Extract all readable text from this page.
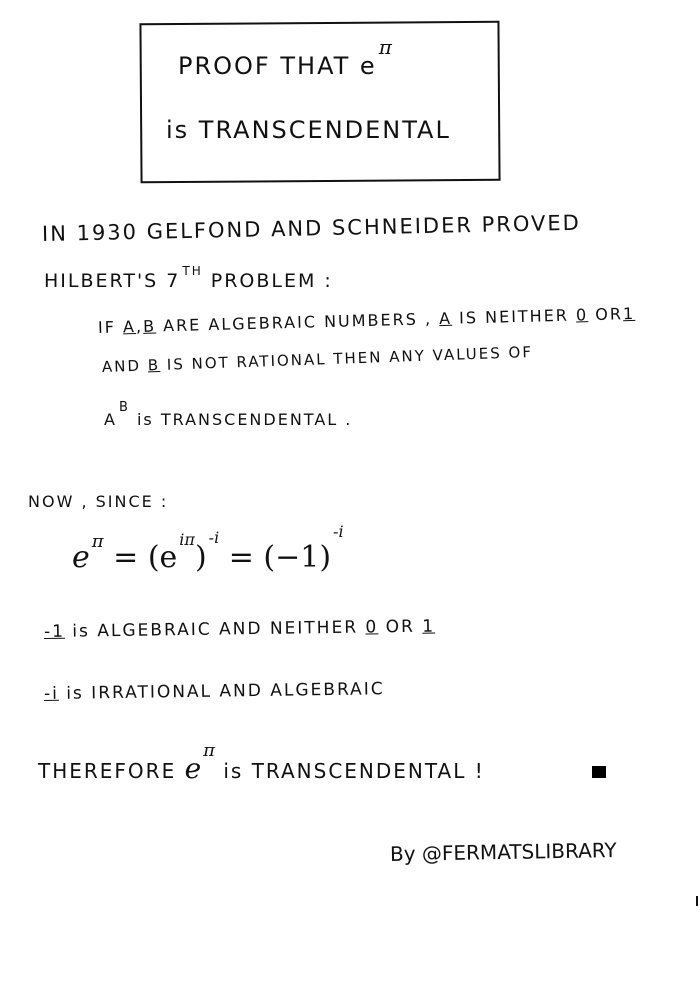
PROOF THAT $e^\pi$
is TRANSCENDENTAL
IN 1930 GELFOND AND SCHNEIDER PROVED
HILBERT'S 7 $^{TH}$ PROBLEM :
IF A,B ARE ALGEBRAIC NUMBERS , A IS NEITHER 0 OR1
AND B IS NOT RATIONAL THEN ANY VALUES OF
$A^B$ is TRANSCENDENTAL .
NOW , SINCE :
e $^\pi = (e^{i\pi})^{-i} = (-1)^{-i}$
-1 is ALGEBRAIC AND NEITHER 0 OR 1
-i is IRRATIONAL AND ALGEBRAIC
THEREFORE eπ is TRANSCENDENTAL !
By @FERMATSLIBRARY
